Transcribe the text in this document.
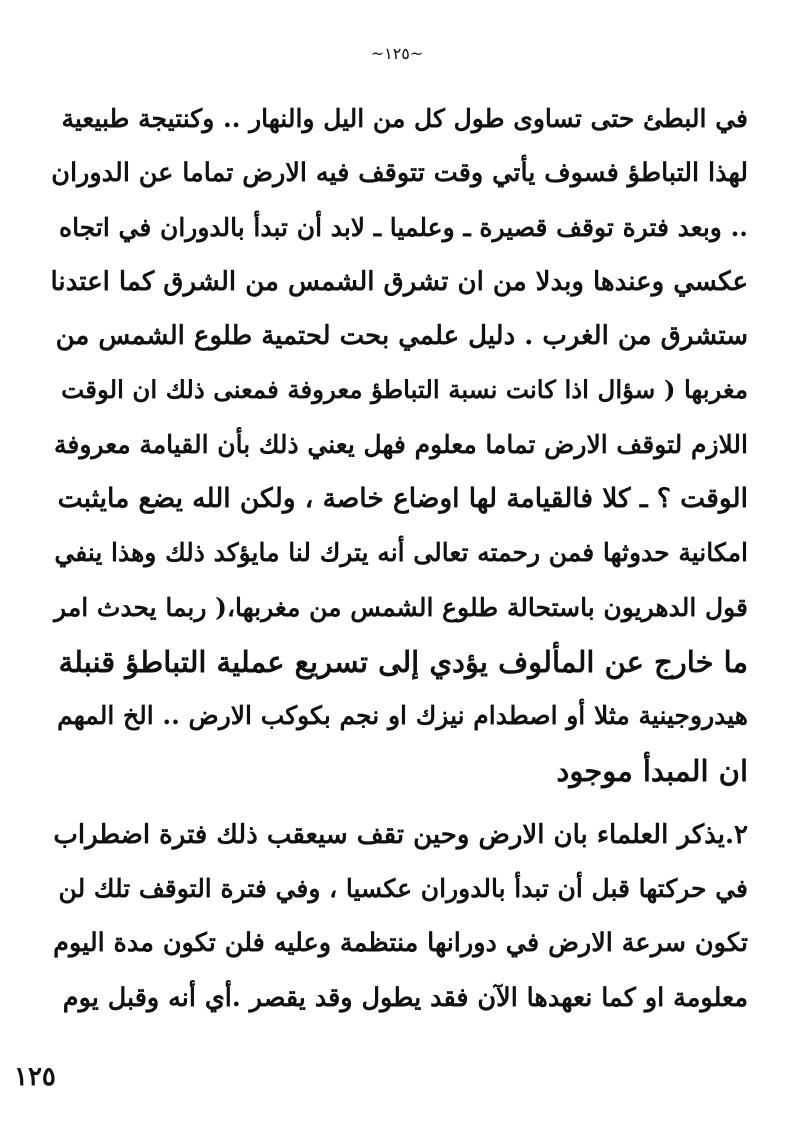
~١٢٥~
في البطئ حتى تساوى طول كل من اليل والنهار .. وكنتيجة طبيعية
لهذا التباطؤ فسوف يأتي وقت تتوقف فيه الارض تماما عن الدوران
.. وبعد فترة توقف قصيرة ـ وعلميا ـ لابد أن تبدأ بالدوران في اتجاه
عكسي وعندها وبدلا من ان تشرق الشمس من الشرق كما اعتدنا
ستشرق من الغرب . دليل علمي بحت لحتمية طلوع الشمس من
مغربها ( سؤال اذا كانت نسبة التباطؤ معروفة فمعنى ذلك ان الوقت
اللازم لتوقف الارض تماما معلوم فهل يعني ذلك بأن القيامة معروفة
الوقت ؟ ـ كلا فالقيامة لها اوضاع خاصة ، ولكن الله يضع مايثبت
امكانية حدوثها فمن رحمته تعالى أنه يترك لنا مايؤكد ذلك وهذا ينفي
قول الدهريون باستحالة طلوع الشمس من مغربها،( ربما يحدث امر
ما خارج عن المألوف يؤدي إلى تسريع عملية التباطؤ قنبلة
هيدروجينية مثلا أو اصطدام نيزك او نجم بكوكب الارض .. الخ المهم
ان المبدأ موجود
٢.يذكر العلماء بان الارض وحين تقف سيعقب ذلك فترة اضطراب
في حركتها قبل أن تبدأ بالدوران عكسيا ، وفي فترة التوقف تلك لن
تكون سرعة الارض في دورانها منتظمة وعليه فلن تكون مدة اليوم
معلومة او كما نعهدها الآن فقد يطول وقد يقصر .أي أنه وقبل يوم
١٢٥
